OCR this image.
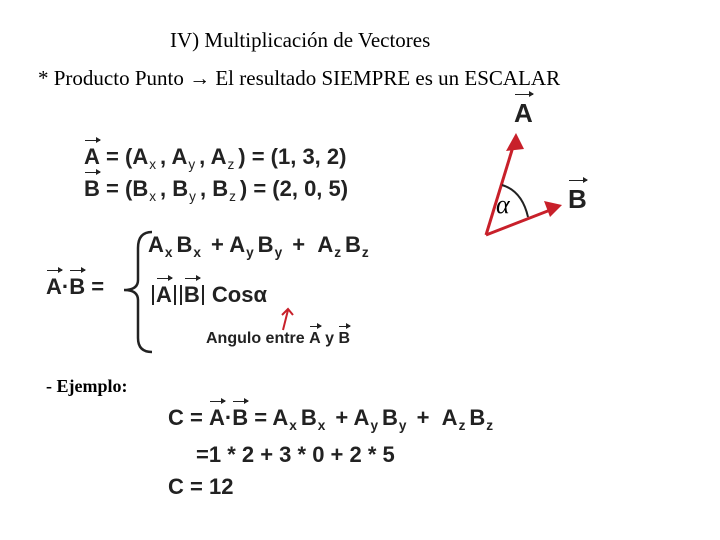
IV) Multiplicación de Vectores
* Producto Punto → El resultado SIEMPRE es un ESCALAR
$A = (A_x$ , $A_y$ , $A_z$ ) = (1, 3, 2)
$B = (B_x$ , $B_y$ , $B_z$ ) = (2, 0, 5)
A
B
α
A·B =
$A_x$ $B_x + A_y$ $B_y + A_z$ $B_z$
A B Cosα
Angulo entre A y B
- Ejemplo:
$C = A\cdot B = A_x$ $B_x + A_y$ $B_y + A_z$ $B_z$
=1 * 2 + 3 * 0 + 2 * 5
C = 12
